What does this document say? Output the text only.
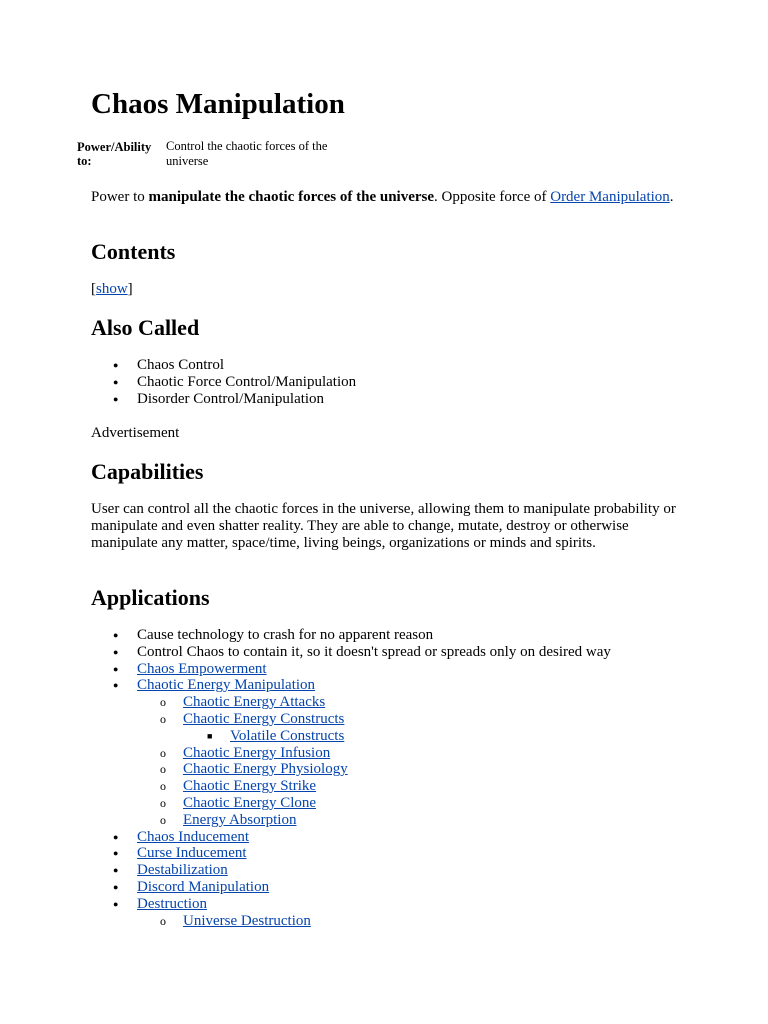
Chaos Manipulation
Power/Ability to:
Control the chaotic forces of the universe

Power to manipulate the chaotic forces of the universe. Opposite force of Order Manipulation.

Contents

[show]

Also Called
● Chaos Control
● Chaotic Force Control/Manipulation
● Disorder Control/Manipulation

Advertisement

Capabilities

User can control all the chaotic forces in the universe, allowing them to manipulate probability or manipulate and even shatter reality. They are able to change, mutate, destroy or otherwise manipulate any matter, space/time, living beings, organizations or minds and spirits.

Applications
● Cause technology to crash for no apparent reason
● Control Chaos to contain it, so it doesn't spread or spreads only on desired way
● Chaos Empowerment
● Chaotic Energy Manipulation
o Chaotic Energy Attacks
o Chaotic Energy Constructs
■ Volatile Constructs
o Chaotic Energy Infusion
o Chaotic Energy Physiology
o Chaotic Energy Strike
o Chaotic Energy Clone
o Energy Absorption
● Chaos Inducement
● Curse Inducement
● Destabilization
● Discord Manipulation
● Destruction
o Universe Destruction
